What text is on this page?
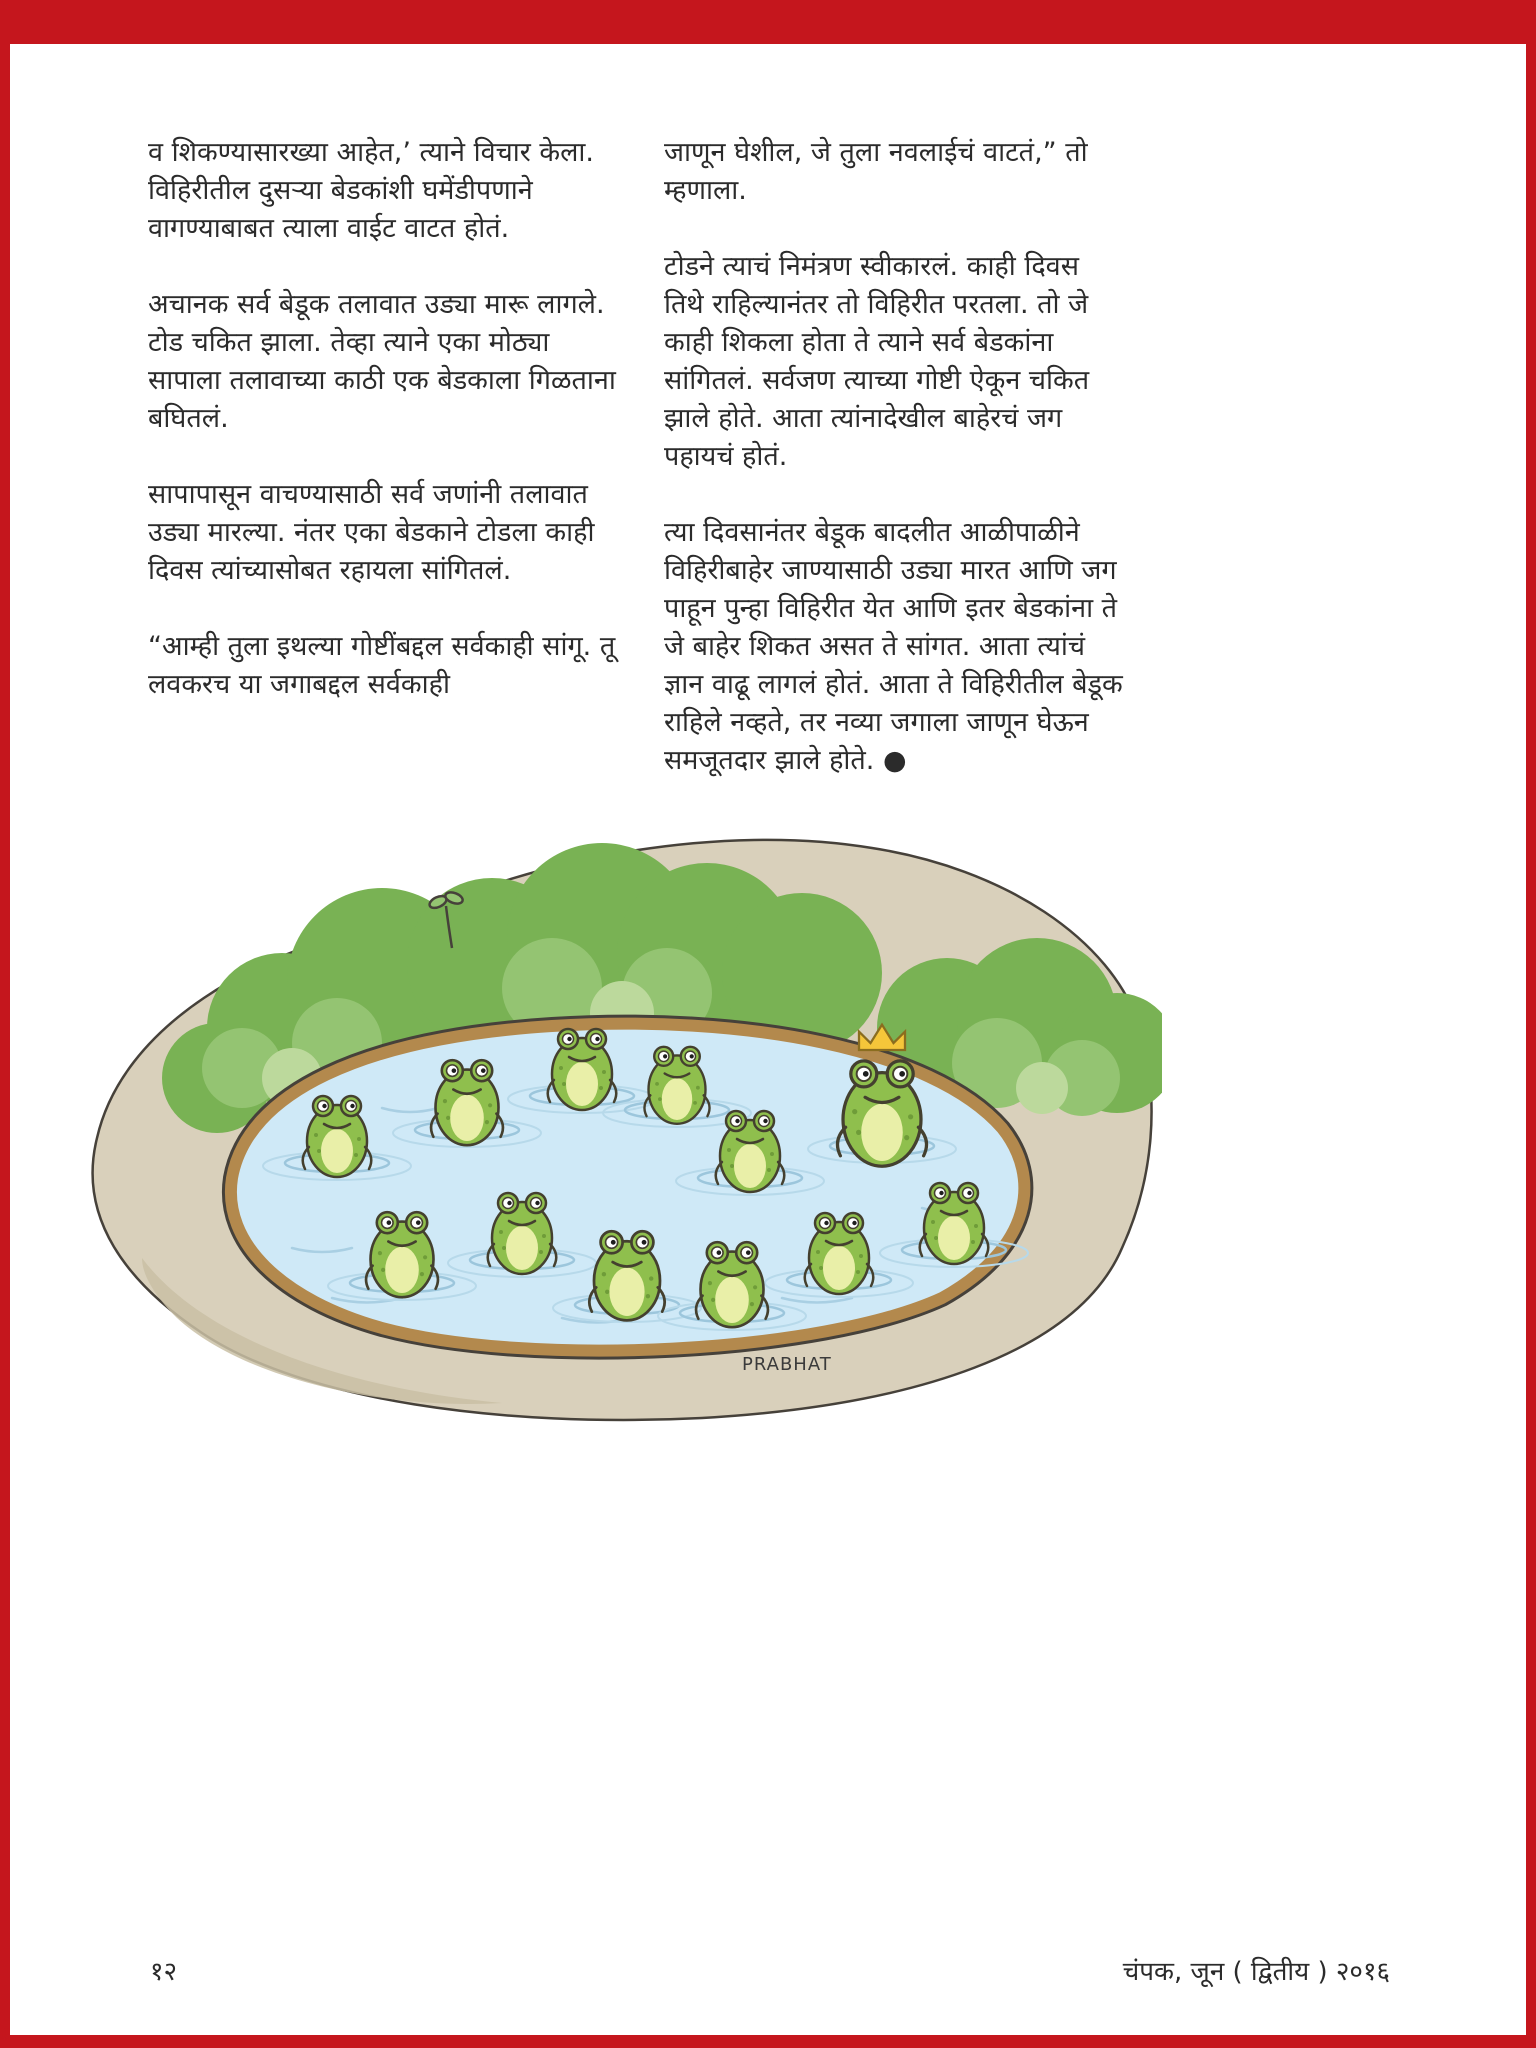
व शिकण्यासारख्या आहेत,’ त्याने विचार केला. विहिरीतील दुसऱ्या बेडकांशी घमेंडीपणाने वागण्याबाबत त्याला वाईट वाटत होतं.

अचानक सर्व बेडूक तलावात उड्या मारू लागले. टोड चकित झाला. तेव्हा त्याने एका मोठ्या सापाला तलावाच्या काठी एक बेडकाला गिळताना बघितलं.

सापापासून वाचण्यासाठी सर्व जणांनी तलावात उड्या मारल्या. नंतर एका बेडकाने टोडला काही दिवस त्यांच्यासोबत रहायला सांगितलं.

“आम्ही तुला इथल्या गोष्टींबद्दल सर्वकाही सांगू. तू लवकरच या जगाबद्दल सर्वकाही

जाणून घेशील, जे तुला नवलाईचं वाटतं,” तो म्हणाला.

टोडने त्याचं निमंत्रण स्वीकारलं. काही दिवस तिथे राहिल्यानंतर तो विहिरीत परतला. तो जे काही शिकला होता ते त्याने सर्व बेडकांना सांगितलं. सर्वजण त्याच्या गोष्टी ऐकून चकित झाले होते. आता त्यांनादेखील बाहेरचं जग पहायचं होतं.

त्या दिवसानंतर बेडूक बादलीत आळीपाळीने विहिरीबाहेर जाण्यासाठी उड्या मारत आणि जग पाहून पुन्हा विहिरीत येत आणि इतर बेडकांना ते जे बाहेर शिकत असत ते सांगत. आता त्यांचं ज्ञान वाढू लागलं होतं. आता ते विहिरीतील बेडूक राहिले नव्हते, तर नव्या जगाला जाणून घेऊन समजूतदार झाले होते. ●

PRABHAT
१२	चंपक, जून ( द्वितीय ) २०१६
